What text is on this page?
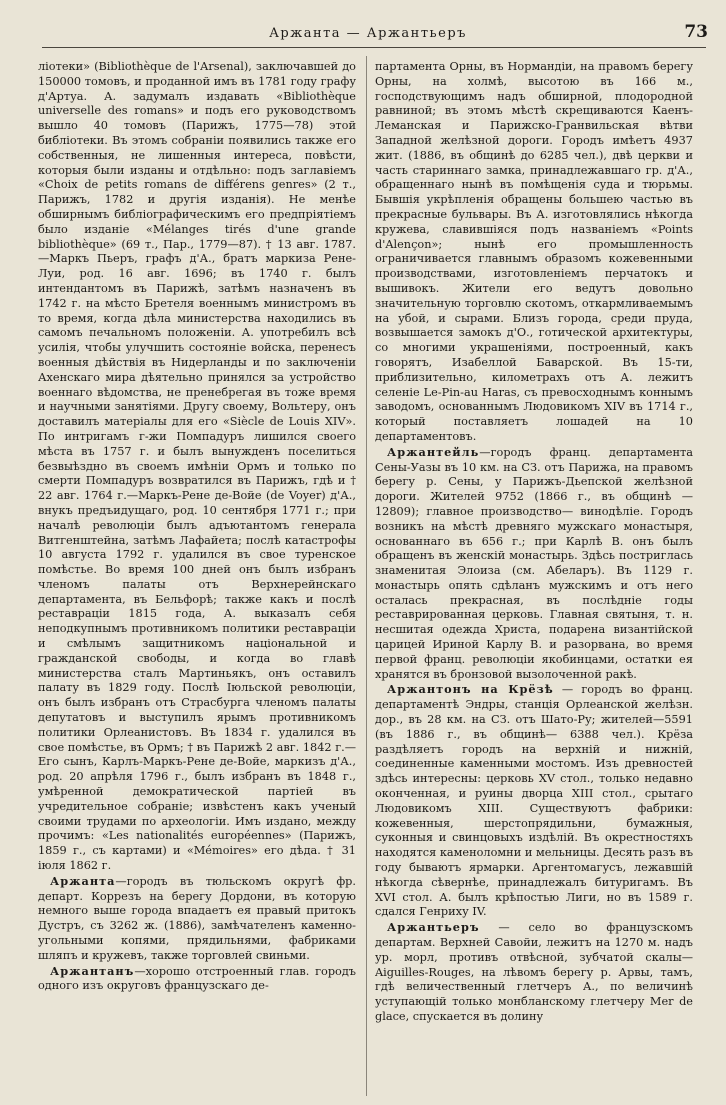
Аржанта — Аржантьеръ	73

ліотеки» (Bibliothèque de l'Arsenal), заключавшей до 150000 томовъ, и проданной имъ въ 1781 году графу д'Артуа. А. задумалъ издавать «Bibliothèque universelle des romans» и подъ его руководствомъ вышло 40 томовъ (Парижъ, 1775—78) этой библіотеки. Въ этомъ собраніи появились также его собственныя, не лишенныя интереса, повѣсти, которыя были изданы и отдѣльно: подъ заглавіемъ «Choix de petits romans de différens genres» (2 т., Парижъ, 1782 и другія изданія). Не менѣе обширнымъ библіографическимъ его предпріятіемъ было изданіе «Mélanges tirés d'une grande bibliothèque» (69 т., Пар., 1779—87). † 13 авг. 1787.—Маркъ Пьеръ, графъ д'А., братъ маркиза Рене-Луи, род. 16 авг. 1696; въ 1740 г. былъ интендантомъ въ Парижѣ, затѣмъ назначенъ въ 1742 г. на мѣсто Бретеля военнымъ министромъ въ то время, когда дѣла министерства находились въ самомъ печальномъ положеніи. А. употребилъ всѣ усилія, чтобы улучшить состояніе войска, перенесъ военныя дѣйствія въ Нидерланды и по заключеніи Ахенскаго мира дѣятельно принялся за устройство военнаго вѣдомства, не пренебрегая въ тоже время и научными занятіями. Другу своему, Вольтеру, онъ доставилъ матеріалы для его «Siècle de Louis XIV». По интригамъ г-жи Помпадуръ лишился своего мѣста въ 1757 г. и былъ вынужденъ поселиться безвыѣздно въ своемъ имѣніи Ормъ и только по смерти Помпадуръ возвратился въ Парижъ, гдѣ и † 22 авг. 1764 г.—Маркъ-Рене де-Войе (de Voyer) д'А., внукъ предъидущаго, род. 10 сентября 1771 г.; при началѣ революціи былъ адъютантомъ генерала Витгенштейна, затѣмъ Лафайета; послѣ катастрофы 10 августа 1792 г. удалился въ свое туренское помѣстье. Во время 100 дней онъ былъ избранъ членомъ палаты отъ Верхнерейнскаго департамента, въ Бельфорѣ; также какъ и послѣ реставраціи 1815 года, А. выказалъ себя неподкупнымъ противникомъ политики реставраціи и смѣлымъ защитникомъ національной и гражданской свободы, и когда во главѣ министерства сталъ Мартиньякъ, онъ оставилъ палату въ 1829 году. Послѣ Іюльской революціи, онъ былъ избранъ отъ Страсбурга членомъ палаты депутатовъ и выступилъ ярымъ противникомъ политики Орлеанистовъ. Въ 1834 г. удалился въ свое помѣстье, въ Ормъ; † въ Парижѣ 2 авг. 1842 г.—Его сынъ, Карлъ-Маркъ-Рене де-Войе, маркизъ д'А., род. 20 апрѣля 1796 г., былъ избранъ въ 1848 г., умѣренной демократической партіей въ учредительное собраніе; извѣстенъ какъ ученый своими трудами по археологіи. Имъ издано, между прочимъ: «Les nationalités européennes» (Парижъ, 1859 г., съ картами) и «Mémoires» его дѣда. † 31 іюля 1862 г.

Аржанта—городъ въ тюльскомъ округѣ фр. департ. Коррезъ на берегу Дордони, въ которую немного выше города впадаетъ ея правый притокъ Дустръ, съ 3262 ж. (1886), замѣчателенъ каменно-угольными копями, прядильнями, фабриками шляпъ и кружевъ, также торговлей свиньми.

Аржантанъ—хорошо отстроенный глав. городъ одного изъ округовъ французскаго де-

партамента Орны, въ Нормандіи, на правомъ берегу Орны, на холмѣ, высотою въ 166 м., господствующимъ надъ обширной, плодородной равниной; въ этомъ мѣстѣ скрещиваются Каенъ-Леманская и Парижско-Гранвильская вѣтви Западной желѣзной дороги. Городъ имѣетъ 4937 жит. (1886, въ общинѣ до 6285 чел.), двѣ церкви и часть стариннаго замка, принадлежавшаго гр. д'А., обращеннаго нынѣ въ помѣщенія суда и тюрьмы. Бывшія укрѣпленія обращены большею частью въ прекрасные бульвары. Въ А. изготовлялись нѣкогда кружева, славившіяся подъ названіемъ «Points d'Alençon»; нынѣ его промышленность ограничивается главнымъ образомъ кожевенными производствами, изготовленіемъ перчатокъ и вышивокъ. Жители его ведутъ довольно значительную торговлю скотомъ, откармливаемымъ на убой, и сырами. Близъ города, среди пруда, возвышается замокъ д'О., готической архитектуры, со многими украшеніями, построенный, какъ говорятъ, Изабеллой Баварской. Въ 15-ти, приблизительно, километрахъ отъ А. лежитъ селеніе Le-Pin-au Haras, съ превосходнымъ коннымъ заводомъ, основаннымъ Людовикомъ XIV въ 1714 г., который поставляетъ лошадей на 10 департаментовъ.

Аржантейль—городъ франц. департамента Сены-Уазы въ 10 км. на СЗ. отъ Парижа, на правомъ берегу р. Сены, у Парижъ-Дьепской желѣзной дороги. Жителей 9752 (1866 г., въ общинѣ — 12809); главное производство— винодѣліе. Городъ возникъ на мѣстѣ древняго мужскаго монастыря, основаннаго въ 656 г.; при Карлѣ В. онъ былъ обращенъ въ женскій монастырь. Здѣсь постриглась знаменитая Элоиза (см. Абеларъ). Въ 1129 г. монастырь опять сдѣланъ мужскимъ и отъ него осталась прекрасная, въ послѣдніе годы реставрированная церковь. Главная святыня, т. н. несшитая одежда Христа, подарена византійской царицей Ириной Карлу В. и разорвана, во время первой франц. революціи якобинцами, остатки ея хранятся въ бронзовой вызолоченной ракѣ.

Аржантонъ на Крёзѣ — городъ во франц. департаментѣ Эндры, станція Орлеанской желѣзн. дор., въ 28 км. на СЗ. отъ Шато-Ру; жителей—5591 (въ 1886 г., въ общинѣ— 6388 чел.). Крёза раздѣляетъ городъ на верхній и нижній, соединенные каменными мостомъ. Изъ древностей здѣсь интересны: церковь XV стол., только недавно оконченная, и руины дворца XIII стол., срытаго Людовикомъ XIII. Существуютъ фабрики: кожевенныя, шерстопрядильни, бумажныя, суконныя и свинцовыхъ издѣлій. Въ окрестностяхъ находятся каменоломни и мельницы. Десять разъ въ году бываютъ ярмарки. Аргентомагусъ, лежавшій нѣкогда сѣвернѣе, принадлежалъ битуригамъ. Въ XVI стол. А. былъ крѣпостью Лиги, но въ 1589 г. сдался Генриху IV.

Аржантьеръ — село во французскомъ департам. Верхней Савойи, лежитъ на 1270 м. надъ ур. морл, противъ отвѣсной, зубчатой скалы—Aiguilles-Rouges, на лѣвомъ берегу р. Арвы, тамъ, гдѣ величественный глетчеръ А., по величинѣ уступающій только монбланскому глетчеру Mer de glace, спускается въ долину
